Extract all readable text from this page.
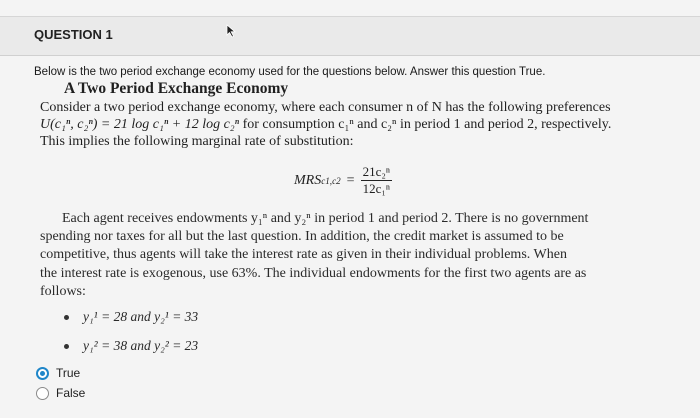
QUESTION 1
Below is the two period exchange economy used for the questions below. Answer this question True.
A Two Period Exchange Economy
Consider a two period exchange economy, where each consumer n of N has the following preferences
U(c₁ⁿ, c₂ⁿ) = 21 log c₁ⁿ + 12 log c₂ⁿ for consumption c₁ⁿ and c₂ⁿ in period 1 and period 2, respectively.
This implies the following marginal rate of substitution:
MRS $c1,c2 = \frac{\text{21c₂ⁿ}}{\text{12c₁ⁿ}}$
Each agent receives endowments y₁ⁿ and y₂ⁿ in period 1 and period 2. There is no government
spending nor taxes for all but the last question. In addition, the credit market is assumed to be
competitive, thus agents will take the interest rate as given in their individual problems. When
the interest rate is exogenous, use 63%. The individual endowments for the first two agents are as
follows:
y₁¹ = 28 and y₂¹ = 33
y₁² = 38 and y₂² = 23
True
False
